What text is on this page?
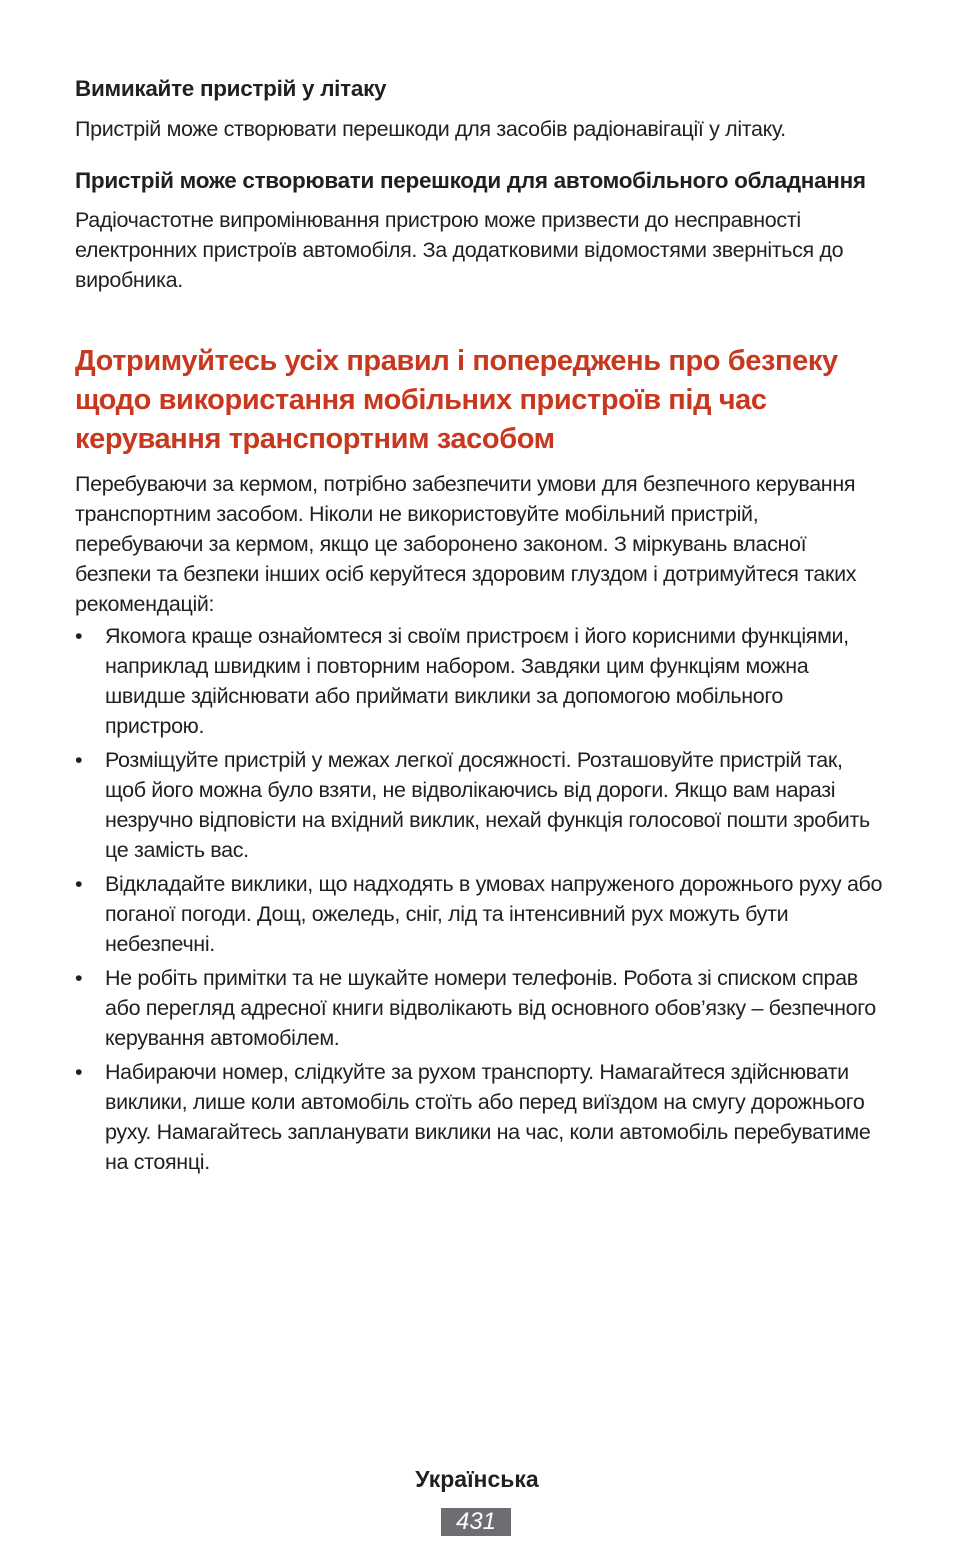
Вимикайте пристрій у літаку

Пристрій може створювати перешкоди для засобів радіонавігації у літаку.

Пристрій може створювати перешкоди для автомобільного обладнання

Радіочастотне випромінювання пристрою може призвести до несправності електронних пристроїв автомобіля. За додатковими відомостями зверніться до виробника.

Дотримуйтесь усіх правил і попереджень про безпеку щодо використання мобільних пристроїв під час керування транспортним засобом

Перебуваючи за кермом, потрібно забезпечити умови для безпечного керування транспортним засобом. Ніколи не використовуйте мобільний пристрій, перебуваючи за кермом, якщо це заборонено законом. З міркувань власної безпеки та безпеки інших осіб керуйтеся здоровим глуздом і дотримуйтеся таких рекомендацій:

•	Якомога краще ознайомтеся зі своїм пристроєм і його корисними функціями, наприклад швидким і повторним набором. Завдяки цим функціям можна швидше здійснювати або приймати виклики за допомогою мобільного пристрою.
•	Розміщуйте пристрій у межах легкої досяжності. Розташовуйте пристрій так, щоб його можна було взяти, не відволікаючись від дороги. Якщо вам наразі незручно відповісти на вхідний виклик, нехай функція голосової пошти зробить це замість вас.
•	Відкладайте виклики, що надходять в умовах напруженого дорожнього руху або поганої погоди. Дощ, ожеледь, сніг, лід та інтенсивний рух можуть бути небезпечні.
•	Не робіть примітки та не шукайте номери телефонів. Робота зі списком справ або перегляд адресної книги відволікають від основного обов’язку – безпечного керування автомобілем.
•	Набираючи номер, слідкуйте за рухом транспорту. Намагайтеся здійснювати виклики, лише коли автомобіль стоїть або перед виїздом на смугу дорожнього руху. Намагайтесь запланувати виклики на час, коли автомобіль перебуватиме на стоянці.
Українська
431
